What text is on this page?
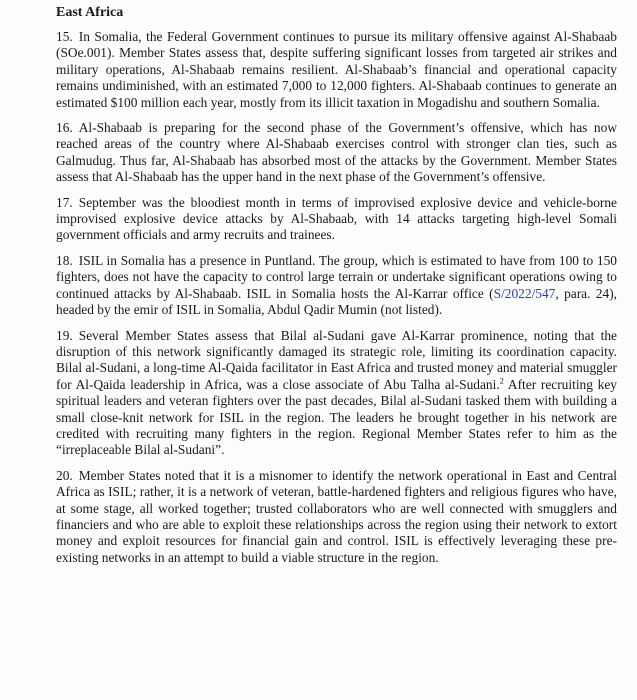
East Africa

15. In Somalia, the Federal Government continues to pursue its military offensive against Al-Shabaab (SOe.001). Member States assess that, despite suffering significant losses from targeted air strikes and military operations, Al-Shabaab remains resilient. Al-Shabaab’s financial and operational capacity remains undiminished, with an estimated 7,000 to 12,000 fighters. Al-Shabaab continues to generate an estimated $100 million each year, mostly from its illicit taxation in Mogadishu and southern Somalia.

16. Al-Shabaab is preparing for the second phase of the Government’s offensive, which has now reached areas of the country where Al-Shabaab exercises control with stronger clan ties, such as Galmudug. Thus far, Al-Shabaab has absorbed most of the attacks by the Government. Member States assess that Al-Shabaab has the upper hand in the next phase of the Government’s offensive.

17. September was the bloodiest month in terms of improvised explosive device and vehicle-borne improvised explosive device attacks by Al-Shabaab, with 14 attacks targeting high-level Somali government officials and army recruits and trainees.

18. ISIL in Somalia has a presence in Puntland. The group, which is estimated to have from 100 to 150 fighters, does not have the capacity to control large terrain or undertake significant operations owing to continued attacks by Al-Shabaab. ISIL in Somalia hosts the Al-Karrar office (S/2022/547, para. 24), headed by the emir of ISIL in Somalia, Abdul Qadir Mumin (not listed).

19. Several Member States assess that Bilal al-Sudani gave Al-Karrar prominence, noting that the disruption of this network significantly damaged its strategic role, limiting its coordination capacity. Bilal al-Sudani, a long-time Al-Qaida facilitator in East Africa and trusted money and material smuggler for Al-Qaida leadership in Africa, was a close associate of Abu Talha al-Sudani.$^2$ After recruiting key spiritual leaders and veteran fighters over the past decades, Bilal al-Sudani tasked them with building a small close-knit network for ISIL in the region. The leaders he brought together in his network are credited with recruiting many fighters in the region. Regional Member States refer to him as the “irreplaceable Bilal al-Sudani”.

20. Member States noted that it is a misnomer to identify the network operational in East and Central Africa as ISIL; rather, it is a network of veteran, battle-hardened fighters and religious figures who have, at some stage, all worked together; trusted collaborators who are well connected with smugglers and financiers and who are able to exploit these relationships across the region using their network to extort money and exploit resources for financial gain and control. ISIL is effectively leveraging these pre-existing networks in an attempt to build a viable structure in the region.
